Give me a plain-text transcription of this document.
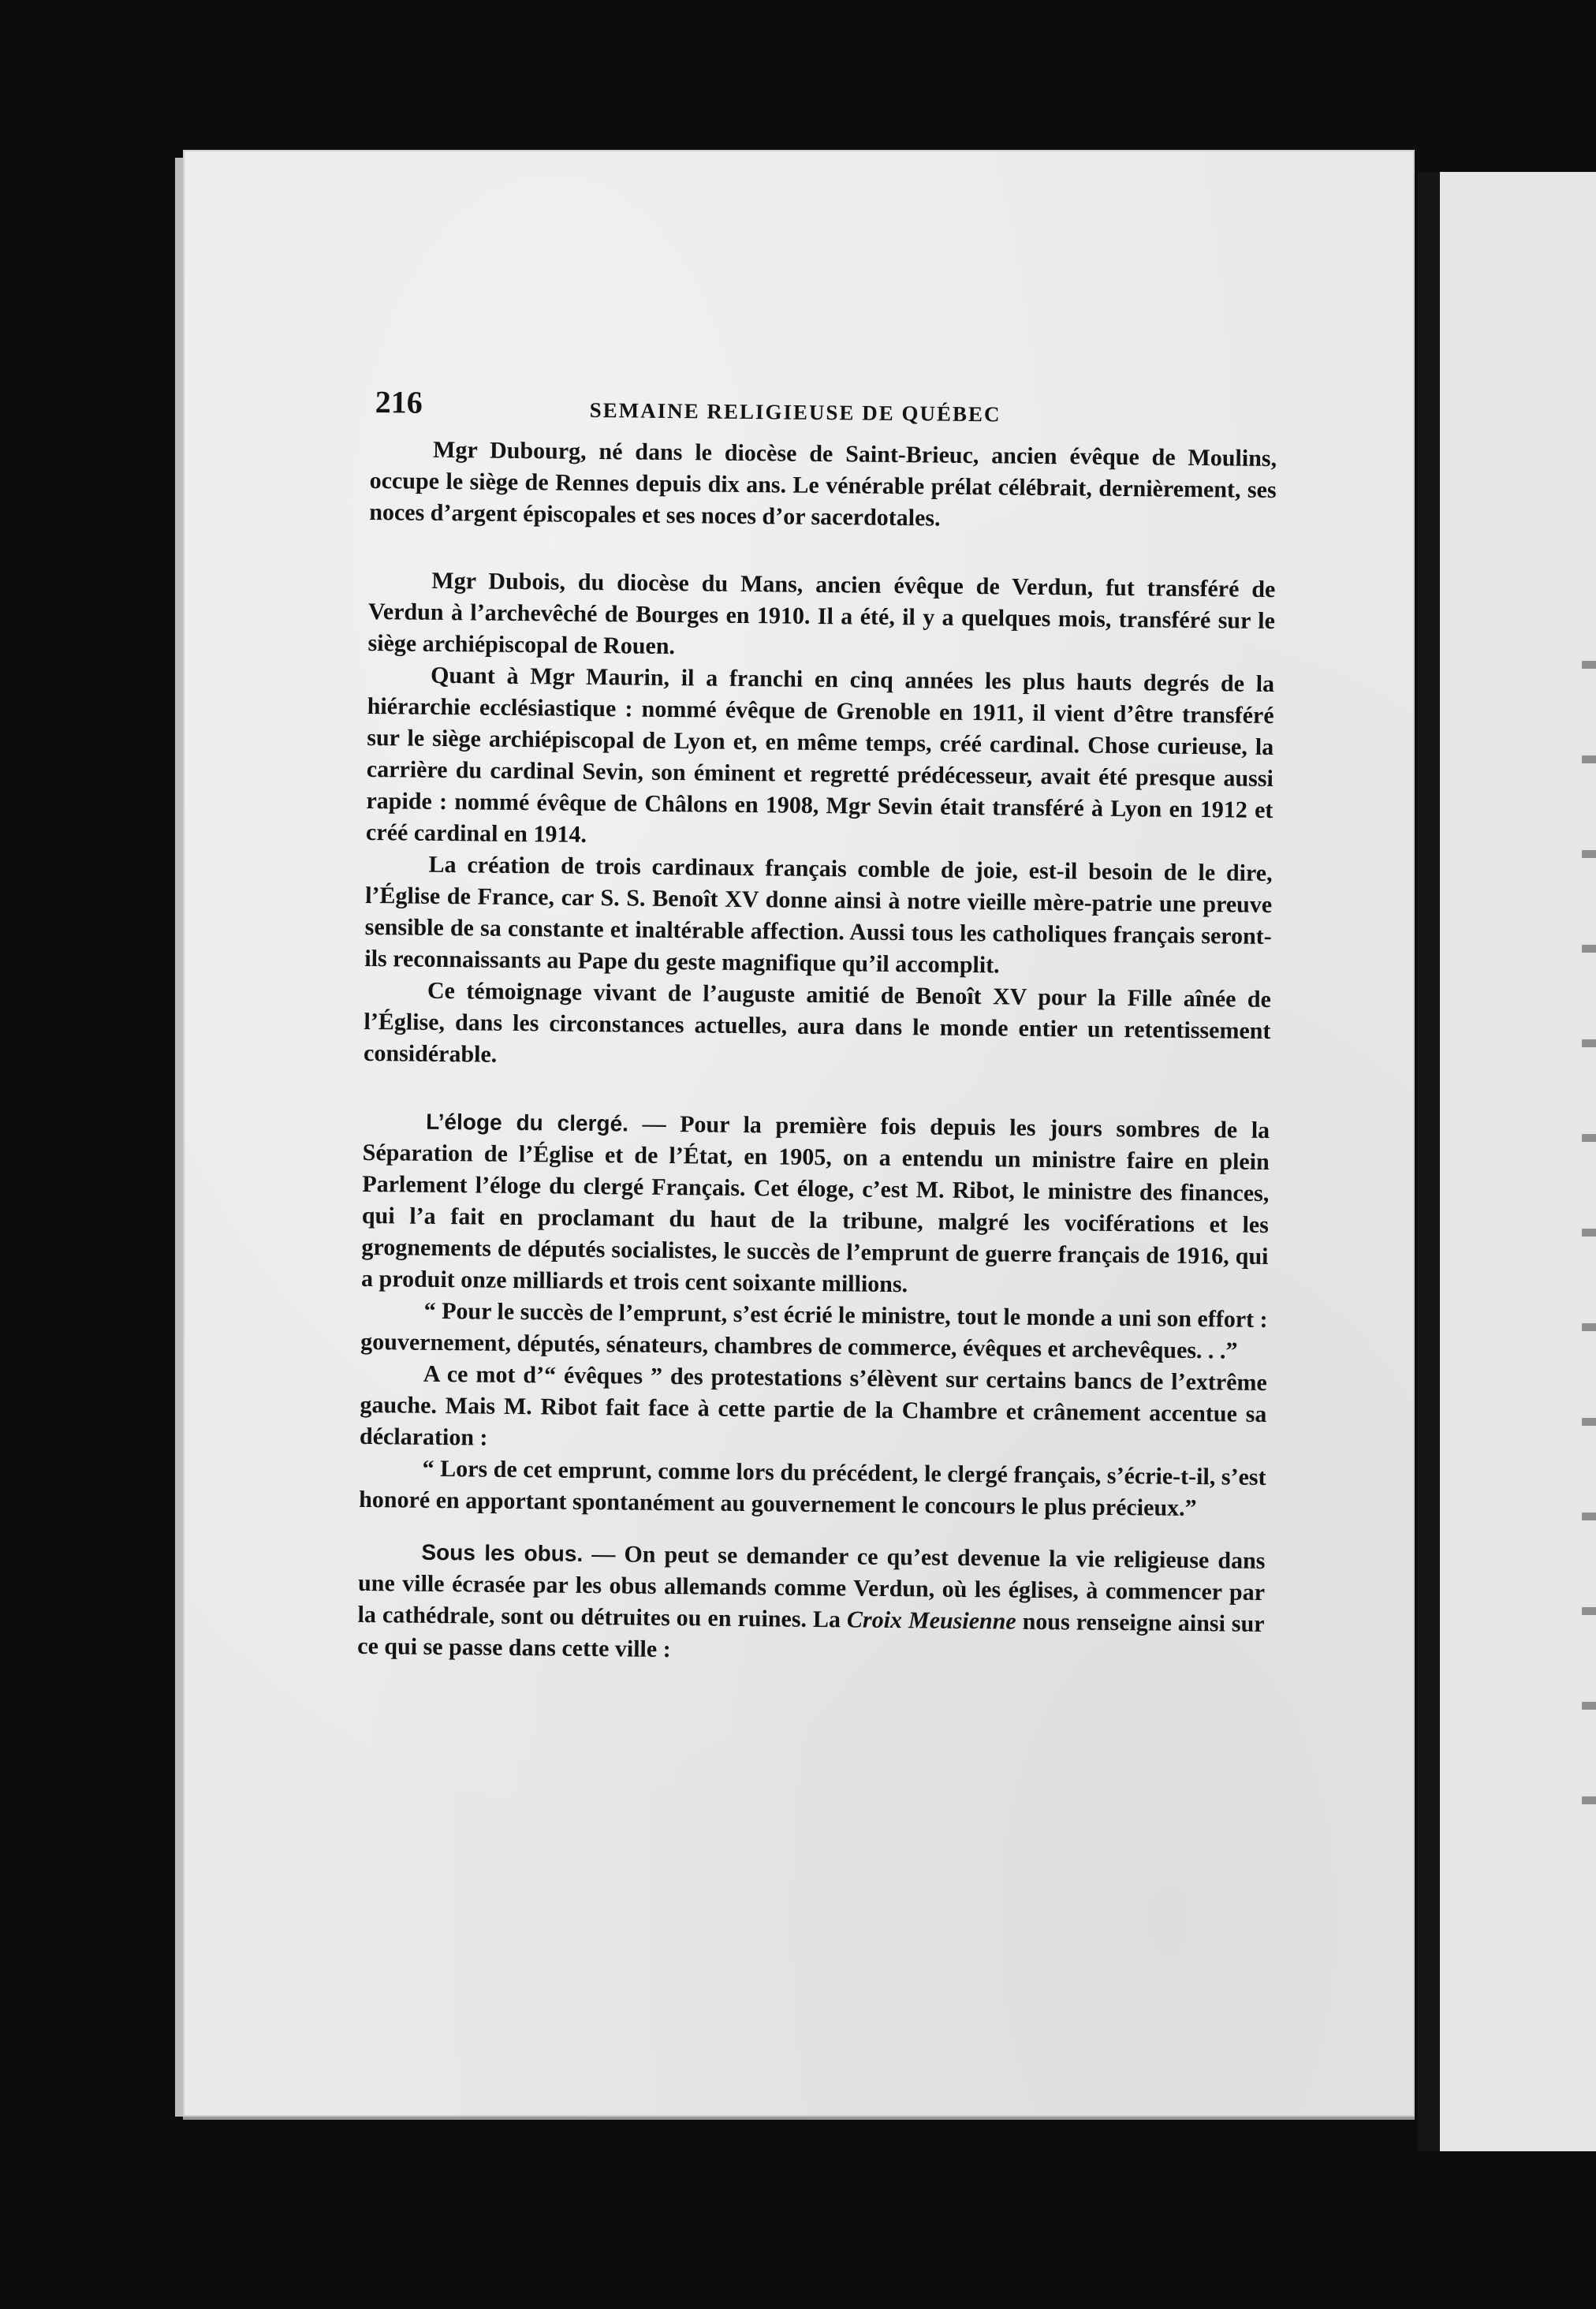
216	SEMAINE RELIGIEUSE DE QUÉBEC

Mgr Dubourg, né dans le diocèse de Saint-Brieuc, ancien évêque de Moulins, occupe le siège de Rennes depuis dix ans. Le vénérable prélat célébrait, dernièrement, ses noces d’argent épiscopales et ses noces d’or sacerdotales.

Mgr Dubois, du diocèse du Mans, ancien évêque de Verdun, fut transféré de Verdun à l’archevêché de Bourges en 1910. Il a été, il y a quelques mois, transféré sur le siège archiépiscopal de Rouen.

Quant à Mgr Maurin, il a franchi en cinq années les plus hauts degrés de la hiérarchie ecclésiastique : nommé évêque de Grenoble en 1911, il vient d’être transféré sur le siège archiépiscopal de Lyon et, en même temps, créé cardinal. Chose curieuse, la carrière du cardinal Sevin, son éminent et regretté prédécesseur, avait été presque aussi rapide : nommé évêque de Châlons en 1908, Mgr Sevin était transféré à Lyon en 1912 et créé cardinal en 1914.

La création de trois cardinaux français comble de joie, est-il besoin de le dire, l’Église de France, car S. S. Benoît XV donne ainsi à notre vieille mère-patrie une preuve sensible de sa constante et inaltérable affection. Aussi tous les catholiques français seront-ils reconnaissants au Pape du geste magnifique qu’il accomplit.

Ce témoignage vivant de l’auguste amitié de Benoît XV pour la Fille aînée de l’Église, dans les circonstances actuelles, aura dans le monde entier un retentissement considérable.

L’éloge du clergé. — Pour la première fois depuis les jours sombres de la Séparation de l’Église et de l’État, en 1905, on a entendu un ministre faire en plein Parlement l’éloge du clergé Français. Cet éloge, c’est M. Ribot, le ministre des finances, qui l’a fait en proclamant du haut de la tribune, malgré les vociférations et les grognements de députés socialistes, le succès de l’emprunt de guerre français de 1916, qui a produit onze milliards et trois cent soixante millions.

“ Pour le succès de l’emprunt, s’est écrié le ministre, tout le monde a uni son effort : gouvernement, députés, sénateurs, chambres de commerce, évêques et archevêques. . .”

A ce mot d’“ évêques ” des protestations s’élèvent sur certains bancs de l’extrême gauche. Mais M. Ribot fait face à cette partie de la Chambre et crânement accentue sa déclaration :

“ Lors de cet emprunt, comme lors du précédent, le clergé français, s’écrie-t-il, s’est honoré en apportant spontanément au gouvernement le concours le plus précieux.”

Sous les obus. — On peut se demander ce qu’est devenue la vie religieuse dans une ville écrasée par les obus allemands comme Verdun, où les églises, à commencer par la cathédrale, sont ou détruites ou en ruines. La Croix Meusienne nous renseigne ainsi sur ce qui se passe dans cette ville :
